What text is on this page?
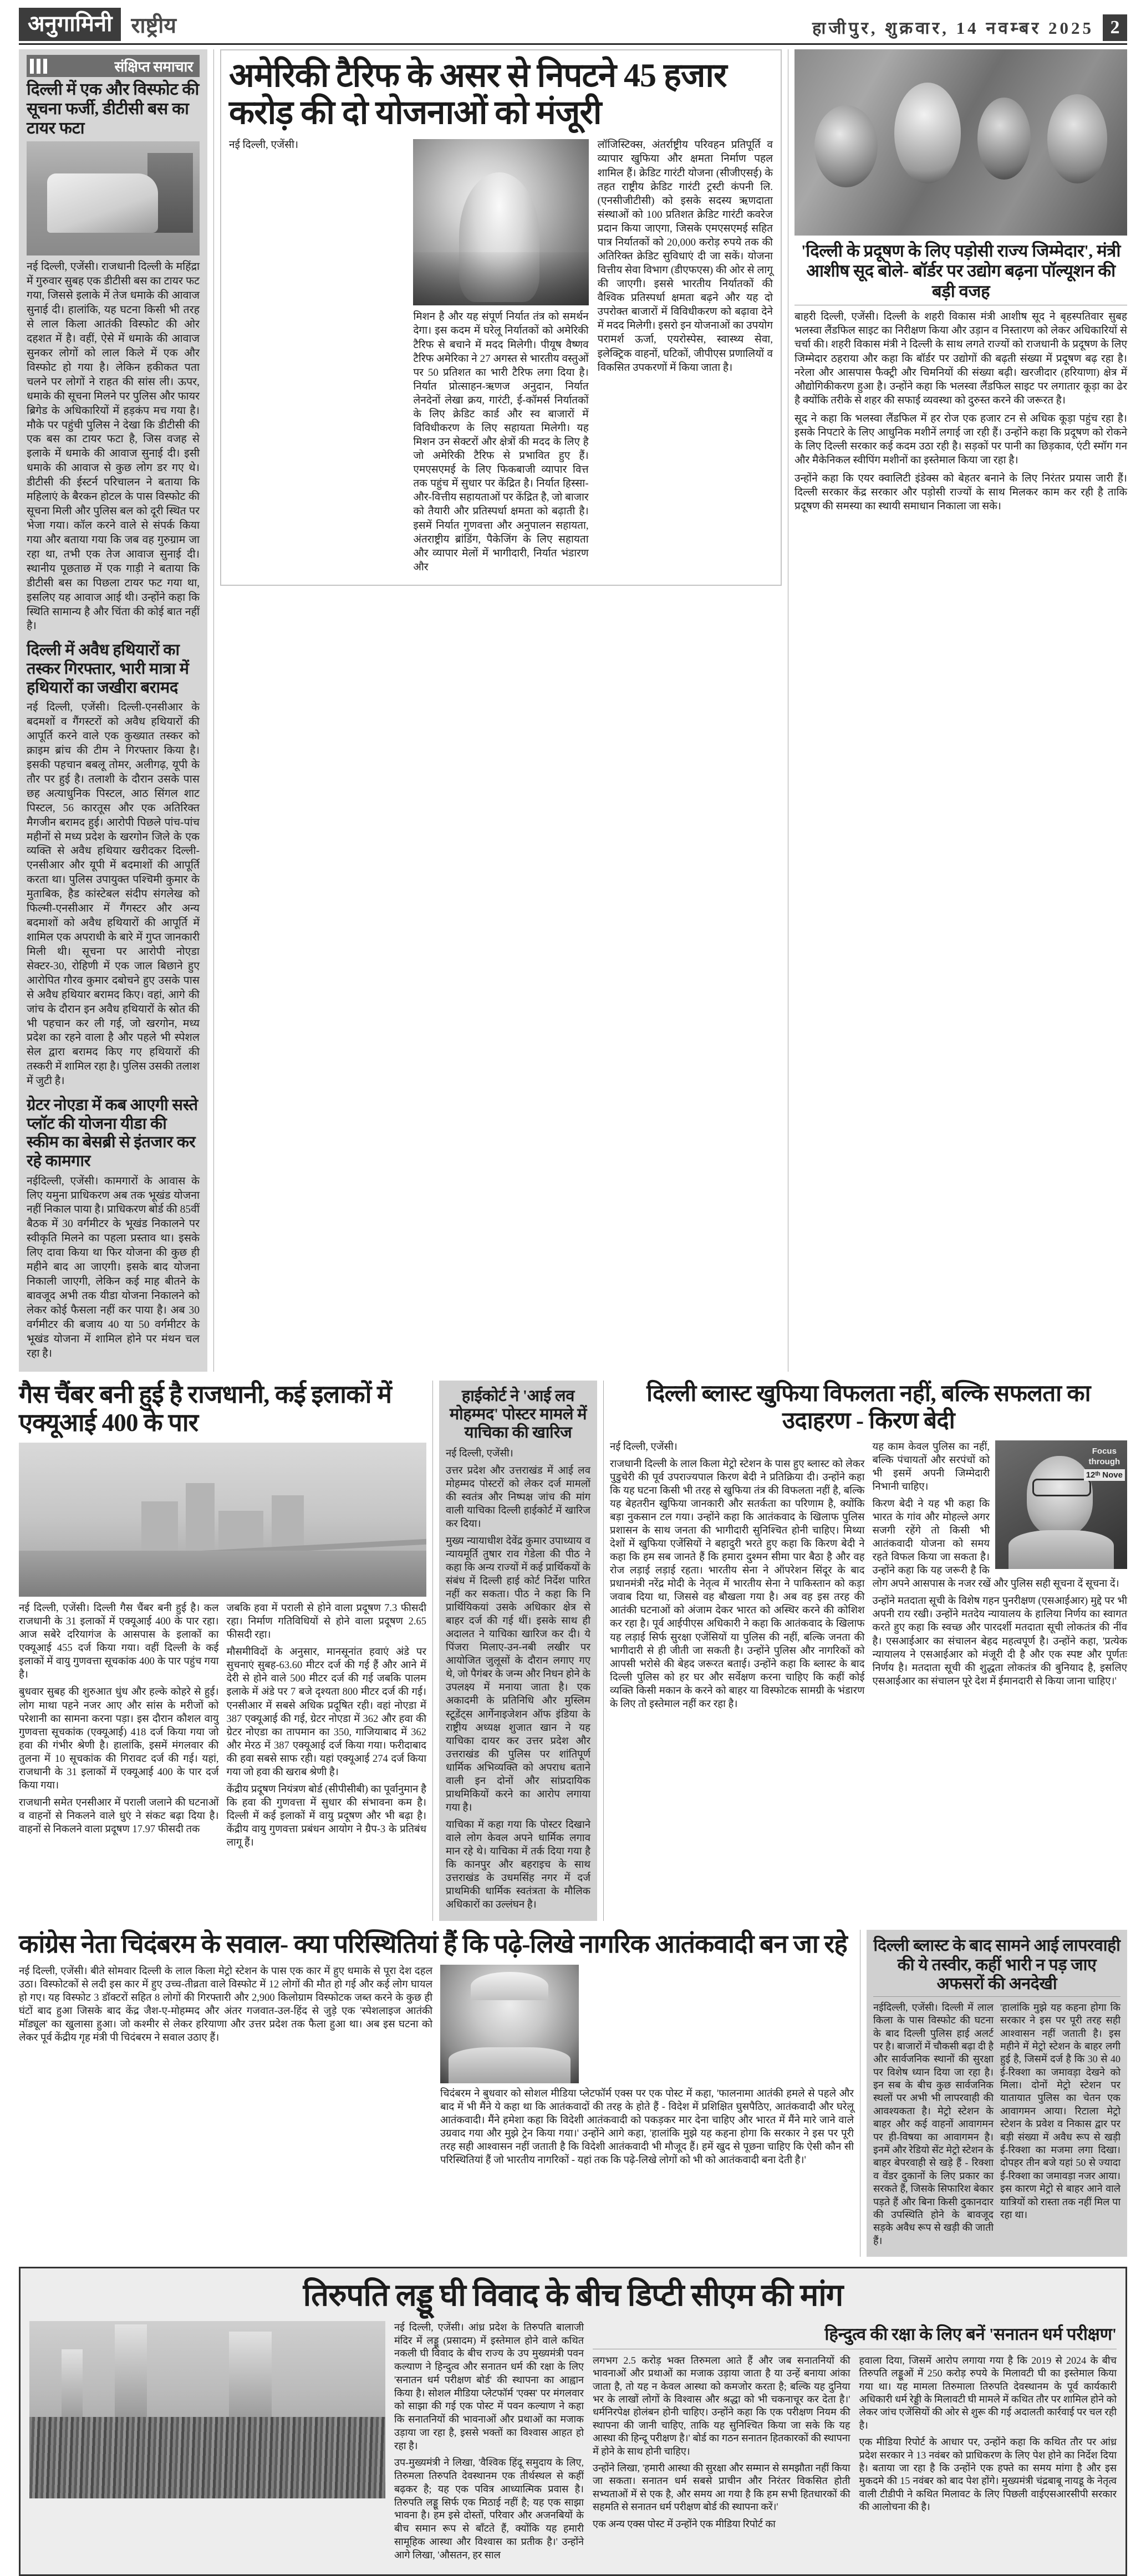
अनुगामिनी राष्ट्रीय	हाजीपुर, शुक्रवार, 14 नवम्बर 2025 2
संक्षिप्त समाचार
दिल्ली में एक और विस्फोट की सूचना फर्जी, डीटीसी बस का टायर फटा

नई दिल्ली, एजेंसी। राजधानी दिल्ली के महिंद्रा में गुरुवार सुबह एक डीटीसी बस का टायर फट गया, जिससे इलाके में तेज धमाके की आवाज सुनाई दी। हालांकि, यह घटना किसी भी तरह से लाल किला आतंकी विस्फोट की ओर दहशत में है। वहीं, ऐसे में धमाके की आवाज सुनकर लोगों को लाल किले में एक और विस्फोट हो गया है। लेकिन हकीकत पता चलने पर लोगों ने राहत की सांस ली। ऊपर, धमाके की सूचना मिलने पर पुलिस और फायर ब्रिगेड के अधिकारियों में हड़कंप मच गया है। मौके पर पहुंची पुलिस ने देखा कि डीटीसी की एक बस का टायर फटा है, जिस वजह से इलाके में धमाके की आवाज सुनाई दी। इसी धमाके की आवाज से कुछ लोग डर गए थे। डीटीसी की ईस्टर्न परिचालन ने बताया कि महिलाएं के बैरकन होटल के पास विस्फोट की सूचना मिली और पुलिस बल को दूरी स्थित पर भेजा गया। कॉल करने वाले से संपर्क किया गया और बताया गया कि जब वह गुरुग्राम जा रहा था, तभी एक तेज आवाज सुनाई दी। स्थानीय पूछताछ में एक गाड़ी ने बताया कि डीटीसी बस का पिछला टायर फट गया था, इसलिए यह आवाज आई थी। उन्होंने कहा कि स्थिति सामान्य है और चिंता की कोई बात नहीं है।

दिल्ली में अवैध हथियारों का तस्कर गिरफ्तार, भारी मात्रा में हथियारों का जखीरा बरामद

नई दिल्ली, एजेंसी। दिल्ली-एनसीआर के बदमशों व गैंगस्टरों को अवैध हथियारों की आपूर्ति करने वाले एक कुख्यात तस्कर को क्राइम ब्रांच की टीम ने गिरफ्तार किया है। इसकी पहचान बबलू तोमर, अलीगढ़, यूपी के तौर पर हुई है। तलाशी के दौरान उसके पास छह अत्याधुनिक पिस्टल, आठ सिंगल शाट पिस्टल, 56 कारतूस और एक अतिरिक्त मैगजीन बरामद हुई। आरोपी पिछले पांच-पांच महीनों से मध्य प्रदेश के खरगोन जिले के एक व्यक्ति से अवैध हथियार खरीदकर दिल्ली-एनसीआर और यूपी में बदमाशों की आपूर्ति करता था। पुलिस उपायुक्त पश्चिमी कुमार के मुताबिक, हैड कांस्टेबल संदीप संगलेख को फिल्मी-एनसीआर में गैंगस्टर और अन्य बदमाशों को अवैध हथियारों की आपूर्ति में शामिल एक अपराधी के बारे में गुप्त जानकारी मिली थी। सूचना पर आरोपी नोएडा सेक्टर-30, रोहिणी में एक जाल बिछाने हुए आरोपित गौरव कुमार दबोचने हुए उसके पास से अवैध हथियार बरामद किए। वहां, आगे की जांच के दौरान इन अवैध हथियारों के स्रोत की भी पहचान कर ली गई, जो खरगोन, मध्य प्रदेश का रहने वाला है और पहले भी स्पेशल सेल द्वारा बरामद किए गए हथियारों की तस्करी में शामिल रहा है। पुलिस उसकी तलाश में जुटी है।

ग्रेटर नोएडा में कब आएगी सस्ते प्लॉट की योजना यीडा की स्कीम का बेसब्री से इंतजार कर रहे कामगार

नईदिल्ली, एजेंसी। कामगारों के आवास के लिए यमुना प्राधिकरण अब तक भूखंड योजना नहीं निकाल पाया है। प्राधिकरण बोर्ड की 85वीं बैठक में 30 वर्गमीटर के भूखंड निकालने पर स्वीकृति मिलने का पहला प्रस्ताव था। इसके लिए दावा किया था फिर योजना की कुछ ही महीने बाद आ जाएगी। इसके बाद योजना निकाली जाएगी, लेकिन कई माह बीतने के बावजूद अभी तक यीडा योजना निकालने को लेकर कोई फैसला नहीं कर पाया है। अब 30 वर्गमीटर की बजाय 40 या 50 वर्गमीटर के भूखंड योजना में शामिल होने पर मंथन चल रहा है।

अमेरिकी टैरिफ के असर से निपटने 45 हजार करोड़ की दो योजनाओं को मंजूरी

नई दिल्ली, एजेंसी।

मिशन है और यह संपूर्ण निर्यात तंत्र को समर्थन देगा। इस कदम में घरेलू निर्यातकों को अमेरिकी टैरिफ से बचाने में मदद मिलेगी। पीयूष वैष्णव टैरिफ अमेरिका ने 27 अगस्त से भारतीय वस्तुओं पर 50 प्रतिशत का भारी टैरिफ लगा दिया है। निर्यात प्रोत्साहन-ऋणज अनुदान, निर्यात लेनदेनों लेखा क्रय, गारंटी, ई-कॉमर्स निर्यातकों के लिए क्रेडिट कार्ड और स्व बाजारों में विविधीकरण के लिए सहायता मिलेगी। यह मिशन उन सेक्टरों और क्षेत्रों की मदद के लिए है जो अमेरिकी टैरिफ से प्रभावित हुए हैं। एमएसएमई के लिए फिकबाजी व्यापार वित्त तक पहुंच में सुधार पर केंद्रित है। निर्यात हिस्सा-और-वित्तीय सहायताओं पर केंद्रित है, जो बाजार को तैयारी और प्रतिस्पर्धा क्षमता को बढ़ाती है। इसमें निर्यात गुणवत्ता और अनुपालन सहायता, अंतराष्ट्रीय ब्रांडिंग, पैकेजिंग के लिए सहायता और व्यापार मेलों में भागीदारी, निर्यात भंडारण और

लॉजिस्टिक्स, अंतर्राष्ट्रीय परिवहन प्रतिपूर्ति व व्यापार खुफिया और क्षमता निर्माण पहल शामिल हैं। क्रेडिट गारंटी योजना (सीजीएसई) के तहत राष्ट्रीय क्रेडिट गारंटी ट्रस्टी कंपनी लि. (एनसीजीटीसी) को इसके सदस्य ऋणदाता संस्थाओं को 100 प्रतिशत क्रेडिट गारंटी कवरेज प्रदान किया जाएगा, जिसके एमएसएमई सहित पात्र निर्यातकों को 20,000 करोड़ रुपये तक की अतिरिक्त क्रेडिट सुविधाएं दी जा सकें। योजना वित्तीय सेवा विभाग (डीएफएस) की ओर से लागू की जाएगी। इससे भारतीय निर्यातकों की वैश्विक प्रतिस्पर्धा क्षमता बढ़ने और यह दो उपरोक्त बाजारों में विविधीकरण को बढ़ावा देने में मदद मिलेगी। इसरो इन योजनाओं का उपयोग परामर्श ऊर्जा, एयरोस्पेस, स्वास्थ्य सेवा, इलेक्ट्रिक वाहनों, घटिकों, जीपीएस प्रणालियों व विकसित उपकरणों में किया जाता है।

'दिल्ली के प्रदूषण के लिए पड़ोसी राज्य जिम्मेदार', मंत्री आशीष सूद बोले- बॉर्डर पर उद्योग बढ़ना पॉल्यूशन की बड़ी वजह

बाहरी दिल्ली, एजेंसी। दिल्ली के शहरी विकास मंत्री आशीष सूद ने बृहस्पतिवार सुबह भलस्वा लैंडफिल साइट का निरीक्षण किया और उड़ान व निस्तारण को लेकर अधिकारियों से चर्चा की। शहरी विकास मंत्री ने दिल्ली के साथ लगते राज्यों को राजधानी के प्रदूषण के लिए जिम्मेदार ठहराया और कहा कि बॉर्डर पर उद्योगों की बढ़ती संख्या में प्रदूषण बढ़ रहा है। नरेला और आसपास फैक्ट्री और चिमनियों की संख्या बढ़ी। खरजीदार (हरियाणा) क्षेत्र में औद्योगिकीकरण हुआ है। उन्होंने कहा कि भलस्वा लैंडफिल साइट पर लगातार कूड़ा का ढेर है क्योंकि तरीके से शहर की सफाई व्यवस्था को दुरुस्त करने की जरूरत है।

सूद ने कहा कि भलस्वा लैंडफिल में हर रोज एक हजार टन से अधिक कूड़ा पहुंच रहा है। इसके निपटारे के लिए आधुनिक मशीनें लगाई जा रही हैं। उन्होंने कहा कि प्रदूषण को रोकने के लिए दिल्ली सरकार कई कदम उठा रही है। सड़कों पर पानी का छिड़काव, एंटी स्मॉग गन और मैकेनिकल स्वीपिंग मशीनों का इस्तेमाल किया जा रहा है।

उन्होंने कहा कि एयर क्वालिटी इंडेक्स को बेहतर बनाने के लिए निरंतर प्रयास जारी हैं। दिल्ली सरकार केंद्र सरकार और पड़ोसी राज्यों के साथ मिलकर काम कर रही है ताकि प्रदूषण की समस्या का स्थायी समाधान निकाला जा सके।

गैस चैंबर बनी हुई है राजधानी, कई इलाकों में एक्यूआई 400 के पार

नई दिल्ली, एजेंसी। दिल्ली गैस चैंबर बनी हुई है। कल राजधानी के 31 इलाकों में एक्यूआई 400 के पार रहा। आज सबेरे दरियागंज के आसपास के इलाकों का एक्यूआई 455 दर्ज किया गया। वहीं दिल्ली के कई इलाकों में वायु गुणवत्ता सूचकांक 400 के पार पहुंच गया है।

बुधवार सुबह की शुरुआत धुंध और हल्के कोहरे से हुई। लोग माथा पहने नजर आए और सांस के मरीजों को परेशानी का सामना करना पड़ा। इस दौरान कौशल वायु गुणवत्ता सूचकांक (एक्यूआई) 418 दर्ज किया गया जो हवा की गंभीर श्रेणी है। हालांकि, इसमें मंगलवार की तुलना में 10 सूचकांक की गिरावट दर्ज की गई। यहां, राजधानी के 31 इलाकों में एक्यूआई 400 के पार दर्ज किया गया।

राजधानी समेत एनसीआर में पराली जलाने की घटनाओं व वाहनों से निकलने वाले धुएं ने संकट बढ़ा दिया है। वाहनों से निकलने वाला प्रदूषण 17.97 फीसदी तक

जबकि हवा में पराली से होने वाला प्रदूषण 7.3 फीसदी रहा। निर्माण गतिविधियों से होने वाला प्रदूषण 2.65 फीसदी रहा।

मौसमीविदों के अनुसार, मानसूनांत हवाएं अंडे पर सुचनाएं सुबह-63.60 मीटर दर्ज की गई हैं और आने में देरी से होने वाले 500 मीटर दर्ज की गई जबकि पालम इलाके में अंडे पर 7 बजे दृश्यता 800 मीटर दर्ज की गई। एनसीआर में सबसे अधिक प्रदूषित रही। वहां नोएडा में 387 एक्यूआई की गई, ग्रेटर नोएडा में 362 और हवा की ग्रेटर नोएडा का तापमान का 350, गाजियाबाद में 362 और मेरठ में 387 एक्यूआई दर्ज किया गया। फरीदाबाद की हवा सबसे साफ रही। यहां एक्यूआई 274 दर्ज किया गया जो हवा की खराब श्रेणी है।

केंद्रीय प्रदूषण नियंत्रण बोर्ड (सीपीसीबी) का पूर्वानुमान है कि हवा की गुणवत्ता में सुधार की संभावना कम है। दिल्ली में कई इलाकों में वायु प्रदूषण और भी बढ़ा है। केंद्रीय वायु गुणवत्ता प्रबंधन आयोग ने ग्रैप-3 के प्रतिबंध लागू हैं।

हाईकोर्ट ने 'आई लव मोहम्मद' पोस्टर मामले में याचिका की खारिज

नई दिल्ली, एजेंसी।

उत्तर प्रदेश और उत्तराखंड में आई लव मोहम्मद पोस्टरों को लेकर दर्ज मामलों की स्वतंत्र और निष्पक्ष जांच की मांग वाली याचिका दिल्ली हाईकोर्ट में खारिज कर दिया।

मुख्य न्यायाधीश देवेंद्र कुमार उपाध्याय व न्यायमूर्ति तुषार राव गेडेला की पीठ ने कहा कि अन्य राज्यों में कई प्रार्थिकयों के संबंध में दिल्ली हाई कोर्ट निर्देश पारित नहीं कर सकता। पीठ ने कहा कि नि प्रार्थियिकयां उसके अधिकार क्षेत्र से बाहर दर्ज की गई थीं। इसके साथ ही अदालत ने याचिका खारिज कर दी। ये पिंजरा मिलाए-उन-नबी लखीर पर आयोजित जुलूसों के दौरान लगाए गए थे, जो पैगंबर के जन्म और निधन होने के उपलक्ष्य में मनाया जाता है। एक अकादमी के प्रतिनिधि और मुस्लिम स्टूडेंट्स आर्गेनाइजेशन ऑफ इंडिया के राष्ट्रीय अध्यक्ष शुजात खान ने यह याचिका दायर कर उत्तर प्रदेश और उत्तराखंड की पुलिस पर शांतिपूर्ण धार्मिक अभिव्यक्ति को अपराध बताने वाली इन दोनों और सांप्रदायिक प्राथमिकियों करने का आरोप लगाया गया है।

याचिका में कहा गया कि पोस्टर दिखाने वाले लोग केवल अपने धार्मिक लगाव मान रहे थे। याचिका में तर्क दिया गया है कि कानपुर और बहराइच के साथ उत्तराखंड के उधमसिंह नगर में दर्ज प्राथमिकी धार्मिक स्वतंत्रता के मौलिक अधिकारों का उल्लंघन है।

दिल्ली ब्लास्ट खुफिया विफलता नहीं, बल्कि सफलता का उदाहरण - किरण बेदी

नई दिल्ली, एजेंसी।

राजधानी दिल्ली के लाल किला मेट्रो स्टेशन के पास हुए ब्लास्ट को लेकर पुडुचेरी की पूर्व उपराज्यपाल किरण बेदी ने प्रतिक्रिया दी। उन्होंने कहा कि यह घटना किसी भी तरह से खुफिया तंत्र की विफलता नहीं है, बल्कि यह बेहतरीन खुफिया जानकारी और सतर्कता का परिणाम है, क्योंकि बड़ा नुकसान टल गया। उन्होंने कहा कि आतंकवाद के खिलाफ पुलिस प्रशासन के साथ जनता की भागीदारी सुनिश्चित होनी चाहिए। मिथ्या देशों में खुफिया एजेंसियों ने बहादुरी भरते हुए कहा कि किरण बेदी ने कहा कि हम सब जानते हैं कि हमारा दुश्मन सीमा पार बैठा है और वह रोज लड़ाई लड़ाई रहता। भारतीय सेना ने ऑपरेशन सिंदूर के बाद प्रधानमंत्री नरेंद्र मोदी के नेतृत्व में भारतीय सेना ने पाकिस्तान को कड़ा जवाब दिया था, जिससे वह बौखला गया है। अब वह इस तरह की आतंकी घटनाओं को अंजाम देकर भारत को अस्थिर करने की कोशिश कर रहा है। पूर्व आईपीएस अधिकारी ने कहा कि आतंकवाद के खिलाफ यह लड़ाई सिर्फ सुरक्षा एजेंसियों या पुलिस की नहीं, बल्कि जनता की भागीदारी से ही जीती जा सकती है। उन्होंने पुलिस और नागरिकों को आपसी भरोसे की बेहद जरूरत बताई। उन्होंने कहा कि ब्लास्ट के बाद दिल्ली पुलिस को हर घर और सर्वेक्षण करना चाहिए कि कहीं कोई व्यक्ति किसी मकान के करने को बाहर या विस्फोटक सामग्री के भंडारण के लिए तो इस्तेमाल नहीं कर रहा है।

Focus
through
12ᵗʰ Nove

यह काम केवल पुलिस का नहीं, बल्कि पंचायतों और सरपंचों को भी इसमें अपनी जिम्मेदारी निभानी चाहिए।

किरण बेदी ने यह भी कहा कि भारत के गांव और मोहल्ले अगर सजगी रहेंगे तो किसी भी आतंकवादी योजना को समय रहते विफल किया जा सकता है। उन्होंने कहा कि यह जरूरी है कि लोग अपने आसपास के नजर रखें और पुलिस सही सूचना दें सूचना दें।

उन्होंने मतदाता सूची के विशेष गहन पुनरीक्षण (एसआईआर) मुद्दे पर भी अपनी राय रखी। उन्होंने मतदेय न्यायालय के हालिया निर्णय का स्वागत करते हुए कहा कि स्वच्छ और पारदर्शी मतदाता सूची लोकतंत्र की नींव है। एसआईआर का संचालन बेहद महत्वपूर्ण है। उन्होंने कहा, 'प्रत्येक न्यायालय ने एसआईआर को मंजूरी दी है और एक स्पष्ट और पूर्णतः निर्णय है। मतदाता सूची की शुद्धता लोकतंत्र की बुनियाद है, इसलिए एसआईआर का संचालन पूरे देश में ईमानदारी से किया जाना चाहिए।'

कांग्रेस नेता चिदंबरम के सवाल- क्या परिस्थितियां हैं कि पढ़े-लिखे नागरिक आतंकवादी बन जा रहे

नई दिल्ली, एजेंसी। बीते सोमवार दिल्ली के लाल किला मेट्रो स्टेशन के पास एक कार में हुए धमाके से पूरा देश दहल उठा। विस्फोटकों से लदी इस कार में हुए उच्च-तीव्रता वाले विस्फोट में 12 लोगों की मौत हो गई और कई लोग घायल हो गए। यह विस्फोट 3 डॉक्टरों सहित 8 लोगों की गिरफ्तारी और 2,900 किलोग्राम विस्फोटक जब्त करने के कुछ ही घंटों बाद हुआ जिसके बाद केंद्र जैश-ए-मोहम्मद और अंतर गजवात-उल-हिंद से जुड़े एक 'स्पेशलाइज आतंकी मॉड्यूल' का खुलासा हुआ। जो कश्मीर से लेकर हरियाणा और उत्तर प्रदेश तक फैला हुआ था। अब इस घटना को लेकर पूर्व केंद्रीय गृह मंत्री पी चिदंबरम ने सवाल उठाए हैं।

चिदंबरम ने बुधवार को सोशल मीडिया प्लेटफॉर्म एक्स पर एक पोस्ट में कहा, 'फालनामा आतंकी हमले से पहले और बाद में भी मैंने ये कहा था कि आतंकवादों की तरह के होते हैं - विदेश में प्रशिक्षित घुसपैठिए, आतंकवादी और घरेलू आतंकवादी। मैंने हमेशा कहा कि विदेशी आतंकवादी को पकड़कर मार देना चाहिए और भारत में मैंने मारे जाने वाले उग्रवाद गया और मुझे ट्रेन किया गया।' उन्होंने आगे कहा, 'हालांकि मुझे यह कहना होगा कि सरकार ने इस पर पूरी तरह सही आश्वासन नहीं जताती है कि विदेशी आतंकवादी भी मौजूद हैं। हमें खुद से पूछना चाहिए कि ऐसी कौन सी परिस्थितियां हैं जो भारतीय नागरिकों - यहां तक कि पढ़े-लिखे लोगों को भी को आतंकवादी बना देती है।'

दिल्ली ब्लास्ट के बाद सामने आई लापरवाही की ये तस्वीर, कहीं भारी न पड़ जाए अफसरों की अनदेखी

नईदिल्ली, एजेंसी। दिल्ली में लाल किला के पास विस्फोट की घटना के बाद दिल्ली पुलिस हाई अलर्ट पर है। बाजारों में चौकसी बढ़ा दी है और सार्वजनिक स्थानों की सुरक्षा पर विशेष ध्यान दिया जा रहा है। इन सब के बीच कुछ सार्वजनिक स्थलों पर अभी भी लापरवाही की आवश्यकता है। मेट्रो स्टेशन के बाहर और कई वाहनों आवागमन पर ही-विषया का आवागमन है। इनमें और रेडियो सेंट मेट्रो स्टेशन के बाहर बेपरवाही से खड़े हैं - रिक्शा व वेंडर दुकानों के लिए प्रकार का सरकते हैं, जिसके सिफारिश बेकार पड़ते हैं और बिना किसी दुकानदार की उपस्थिति होने के बावजूद सड़के अवैध रूप से खड़ी की जाती हैं।

'हालांकि मुझे यह कहना होगा कि सरकार ने इस पर पूरी तरह सही आश्वासन नहीं जताती है। इस महीने में मेट्रो स्टेशन के बाहर लगी हुई है, जिसमें दर्ज है कि 30 से 40 ई-रिक्शा का जमावड़ा देखने को मिला। दोनों मेट्रो स्टेशन पर यातायात पुलिस का चेतन एक आवागमन आया। रिटाला मेट्रो स्टेशन के प्रवेश व निकास द्वार पर बड़ी संख्या में अवैध रूप से खड़ी ई-रिक्शा का मजमा लगा दिखा। दोपहर तीन बजे यहां 50 से ज्यादा ई-रिक्शा का जमावड़ा नजर आया। इस कारण मेट्रो से बाहर आने वाले यात्रियों को रास्ता तक नहीं मिल पा रहा था।

तिरुपति लड्डू घी विवाद के बीच डिप्टी सीएम की मांग

नई दिल्ली, एजेंसी। आंध्र प्रदेश के तिरुपति बालाजी मंदिर में लड्डू (प्रसादम) में इस्तेमाल होने वाले कथित नकली घी विवाद के बीच राज्य के उप मुख्यमंत्री पवन कल्याण ने हिन्दुत्व और सनातन धर्म की रक्षा के लिए 'सनातन धर्म परीक्षण बोर्ड' की स्थापना का आह्वान किया है। सोशल मीडिया प्लेटफॉर्म 'एक्स' पर मंगलवार को साझा की गई एक पोस्ट में पवन कल्याण ने कहा कि सनातनियों की भावनाओं और प्रथाओं का मजाक उड़ाया जा रहा है, इससे भक्तों का विश्वास आहत हो रहा है।

उप-मुख्यमंत्री ने लिखा, 'वैश्विक हिंदू समुदाय के लिए, तिरुमला तिरुपति देवस्थानम एक तीर्थस्थल से कहीं बढ़कर है; यह एक पवित्र आध्यात्मिक प्रवास है। तिरुपति लड्डू सिर्फ एक मिठाई नहीं है; यह एक साझा भावना है। हम इसे दोस्तों, परिवार और अजनबियों के बीच समान रूप से बाँटते हैं, क्योंकि यह हमारी सामूहिक आस्था और विश्वास का प्रतीक है।' उन्होंने आगे लिखा, 'औसतन, हर साल

हिन्दुत्व की रक्षा के लिए बनें 'सनातन धर्म परीक्षण'

लगभग 2.5 करोड़ भक्त तिरुमला आते हैं और जब सनातनियों की भावनाओं और प्रथाओं का मजाक उड़ाया जाता है या उन्हें बनाया आंका जाता है, तो यह न केवल आस्था को कमजोर करता है; बल्कि यह दुनिया भर के लाखों लोगों के विश्वास और श्रद्धा को भी चकनाचूर कर देता है।' धर्मनिरपेक्ष होलंबन होनी चाहिए। उन्होंने कहा कि एक परीक्षण नियम की स्थापना की जानी चाहिए, ताकि यह सुनिश्चित किया जा सके कि यह आस्था की हिन्दू परीक्षण है।' बोर्ड का गठन सनातन हितकारकों की स्थापना में होने के साथ होनी चाहिए।

उन्होंने लिखा, 'हमारी आस्था की सुरक्षा और सम्मान से समझौता नहीं किया जा सकता। सनातन धर्म सबसे प्राचीन और निरंतर विकसित होती सभ्यताओं में से एक है, और समय आ गया है कि हम सभी हितधारकों की सहमति से सनातन धर्म परीक्षण बोर्ड की स्थापना करें।'

एक अन्य एक्स पोस्ट में उन्होंने एक मीडिया रिपोर्ट का

हवाला दिया, जिसमें आरोप लगाया गया है कि 2019 से 2024 के बीच तिरुपति लड्डूओं में 250 करोड़ रुपये के मिलावटी घी का इस्तेमाल किया गया था। यह मामला तिरुमाला तिरुपति देवस्थानम के पूर्व कार्यकारी अधिकारी धर्म रेड्डी के मिलावटी घी मामले में कथित तौर पर शामिल होने को लेकर जांच एजेंसियों की ओर से शुरू की गई अदालती कार्रवाई पर चल रही है।

एक मीडिया रिपोर्ट के आधार पर, उन्होंने कहा कि कथित तौर पर आंध्र प्रदेश सरकार ने 13 नवंबर को प्राधिकरण के लिए पेश होने का निर्देश दिया है। बताया जा रहा है कि उन्होंने एक हफ्ते का समय मांगा है और इस मुकदमे की 15 नवंबर को बाद पेश होंगे। मुख्यमंत्री चंद्रबाबू नायडू के नेतृत्व वाली टीडीपी ने कथित मिलावट के लिए पिछली वाईएसआरसीपी सरकार की आलोचना की है।
